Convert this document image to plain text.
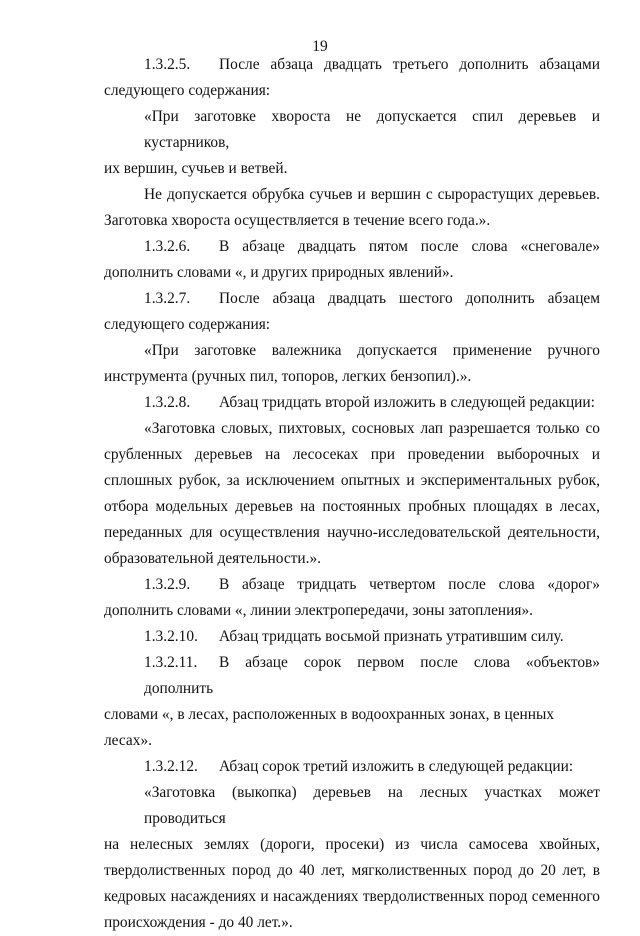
19

1.3.2.5. После абзаца двадцать третьего дополнить абзацами
следующего содержания:

«При заготовке хвороста не допускается спил деревьев и кустарников,
их вершин, сучьев и ветвей.

Не допускается обрубка сучьев и вершин с сырорастущих деревьев.
Заготовка хвороста осуществляется в течение всего года.».

1.3.2.6. В абзаце двадцать пятом после слова «снеговале»
дополнить словами «, и других природных явлений».

1.3.2.7. После абзаца двадцать шестого дополнить абзацем
следующего содержания:

«При заготовке валежника допускается применение ручного
инструмента (ручных пил, топоров, легких бензопил).».

1.3.2.8. Абзац тридцать второй изложить в следующей редакции:

«Заготовка словых, пихтовых, сосновых лап разрешается только со
срубленных деревьев на лесосеках при проведении выборочных и
сплошных рубок, за исключением опытных и экспериментальных рубок,
отбора модельных деревьев на постоянных пробных площадях в лесах,
переданных для осуществления научно-исследовательской деятельности,
образовательной деятельности.».

1.3.2.9. В абзаце тридцать четвертом после слова «дорог»
дополнить словами «, линии электропередачи, зоны затопления».

1.3.2.10. Абзац тридцать восьмой признать утратившим силу.

1.3.2.11. В абзаце сорок первом после слова «объектов» дополнить
словами «, в лесах, расположенных в водоохранных зонах, в ценных лесах».

1.3.2.12. Абзац сорок третий изложить в следующей редакции:

«Заготовка (выкопка) деревьев на лесных участках может проводиться
на нелесных землях (дороги, просеки) из числа самосева хвойных,
твердолиственных пород до 40 лет, мягколиственных пород до 20 лет, в
кедровых насаждениях и насаждениях твердолиственных пород семенного
происхождения - до 40 лет.».
